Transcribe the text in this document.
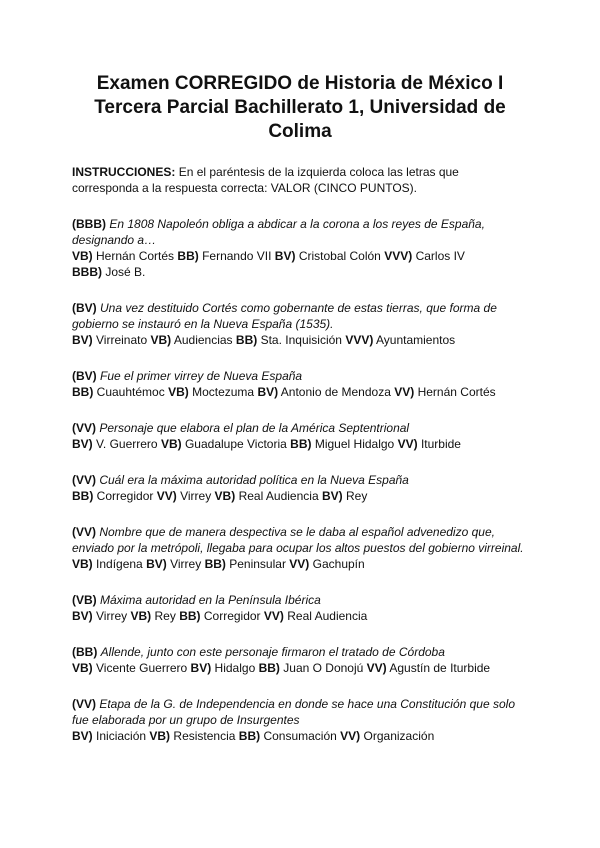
Examen CORREGIDO de Historia de México I
Tercera Parcial Bachillerato 1, Universidad de
Colima
INSTRUCCIONES: En el paréntesis de la izquierda coloca las letras que corresponda a la respuesta correcta: VALOR (CINCO PUNTOS).
(BBB) En 1808 Napoleón obliga a abdicar a la corona a los reyes de España, designando a…
VB) Hernán Cortés BB) Fernando VII BV) Cristobal Colón VVV) Carlos IV
BBB) José B.
(BV) Una vez destituido Cortés como gobernante de estas tierras, que forma de gobierno se instauró en la Nueva España (1535).
BV) Virreinato VB) Audiencias BB) Sta. Inquisición VVV) Ayuntamientos
(BV) Fue el primer virrey de Nueva España
BB) Cuauhtémoc VB) Moctezuma BV) Antonio de Mendoza VV) Hernán Cortés
(VV) Personaje que elabora el plan de la América Septentrional
BV) V. Guerrero VB) Guadalupe Victoria BB) Miguel Hidalgo VV) Iturbide
(VV) Cuál era la máxima autoridad política en la Nueva España
BB) Corregidor VV) Virrey VB) Real Audiencia BV) Rey
(VV) Nombre que de manera despectiva se le daba al español advenedizo que, enviado por la metrópoli, llegaba para ocupar los altos puestos del gobierno virreinal.
VB) Indígena BV) Virrey BB) Peninsular VV) Gachupín
(VB) Máxima autoridad en la Península Ibérica
BV) Virrey VB) Rey BB) Corregidor VV) Real Audiencia
(BB) Allende, junto con este personaje firmaron el tratado de Córdoba
VB) Vicente Guerrero BV) Hidalgo BB) Juan O Donojú VV) Agustín de Iturbide
(VV) Etapa de la G. de Independencia en donde se hace una Constitución que solo fue elaborada por un grupo de Insurgentes
BV) Iniciación VB) Resistencia BB) Consumación VV) Organización
